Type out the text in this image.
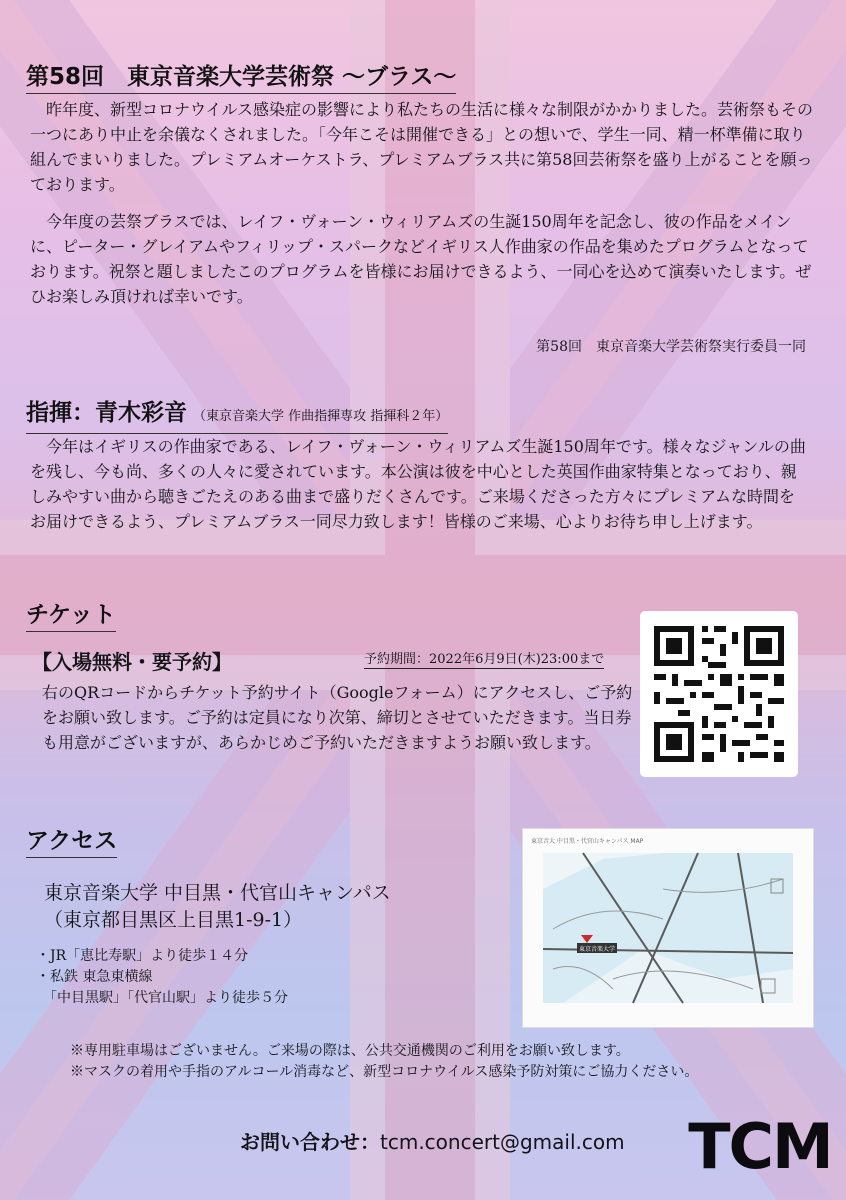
第58回　東京音楽大学芸術祭 〜ブラス〜

昨年度、新型コロナウイルス感染症の影響により私たちの生活に様々な制限がかかりました。芸術祭もその一つにあり中止を余儀なくされました。「今年こそは開催できる」との想いで、学生一同、精一杯準備に取り組んでまいりました。プレミアムオーケストラ、プレミアムブラス共に第58回芸術祭を盛り上がることを願っております。

今年度の芸祭ブラスでは、レイフ・ヴォーン・ウィリアムズの生誕150周年を記念し、彼の作品をメインに、ピーター・グレイアムやフィリップ・スパークなどイギリス人作曲家の作品を集めたプログラムとなっております。祝祭と題しましたこのプログラムを皆様にお届けできるよう、一同心を込めて演奏いたします。ぜひお楽しみ頂ければ幸いです。

第58回　東京音楽大学芸術祭実行委員一同

指揮：青木彩音 （東京音楽大学 作曲指揮専攻 指揮科２年）

今年はイギリスの作曲家である、レイフ・ヴォーン・ウィリアムズ生誕150周年です。様々なジャンルの曲を残し、今も尚、多くの人々に愛されています。本公演は彼を中心とした英国作曲家特集となっており、親しみやすい曲から聴きごたえのある曲まで盛りだくさんです。ご来場くださった方々にプレミアムな時間をお届けできるよう、プレミアムブラス一同尽力致します！皆様のご来場、心よりお待ち申し上げます。

チケット

【入場無料・要予約】	予約期間：2022年6月9日(木)23:00まで

右のQRコードからチケット予約サイト（Googleフォーム）にアクセスし、ご予約をお願い致します。ご予約は定員になり次第、締切とさせていただきます。当日券も用意がございますが、あらかじめご予約いただきますようお願い致します。

アクセス

東京音楽大学 中目黒・代官山キャンパス
（東京都目黒区上目黒1-9-1）

・JR「恵比寿駅」より徒歩１４分
・私鉄 東急東横線
　「中目黒駅」「代官山駅」より徒歩５分
東京音大 中目黒・代官山キャンパス MAP
東京音楽大学
※専用駐車場はございません。ご来場の際は、公共交通機関のご利用をお願い致します。
※マスクの着用や手指のアルコール消毒など、新型コロナウイルス感染予防対策にご協力ください。

お問い合わせ：tcm.concert@gmail.com TCM
